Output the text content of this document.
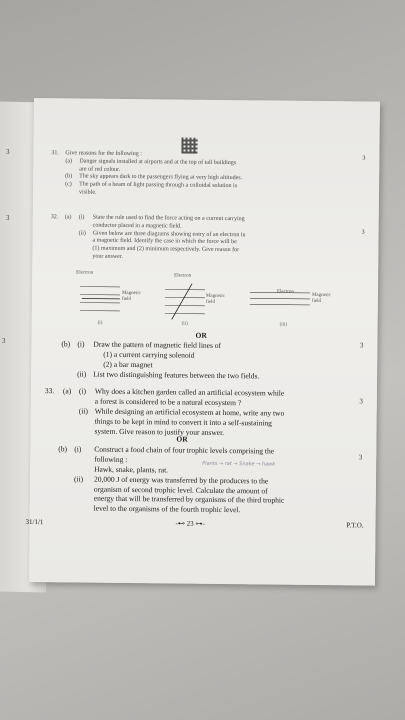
3
3
3
31.	Give reasons for the following :
(a)	Danger signals installed at airports and at the top of tall buildings
are of red colour.
(b)	The sky appears dark to the passengers flying at very high altitudes.
(c)	The path of a beam of light passing through a colloidal solution is
visible.
3
32.	(a)	(i)	State the rule used to find the force acting on a current carrying
conductor placed in a magnetic field.
(ii)	Given below are three diagrams showing entry of an electron in
a magnetic field. Identify the case in which the force will be
(1) maximum and (2) minimum respectively. Give reason for
your answer.
3
Electron
Magnetic
field
Electron
Magnetic
field
Electron
Magnetic
field
(i)	(ii)	(iii)
OR
(b) (i)	Draw the pattern of magnetic field lines of
(1) a current carrying solenoid
(2) a bar magnet
(ii) List two distinguishing features between the two fields.
3
33.	(a)	(i)	Why does a kitchen garden called an artificial ecosystem while
a forest is considered to be a natural ecosystem ?
(ii) While designing an artificial ecosystem at home, write any two
things to be kept in mind to convert it into a self-sustaining
system. Give reason to justify your answer.
3
OR
(b) (i)	Construct a food chain of four trophic levels comprising the
following :
Hawk, snake, plants, rat.
(ii)	20,000 J of energy was transferred by the producers to the
organism of second trophic level. Calculate the amount of
energy that will be transferred by organisms of the third trophic
level to the organisms of the fourth trophic level.
Plants → rat → Snake → hawk
3
31/1/1	-⊷ 23 ⊶-	P.T.O.
